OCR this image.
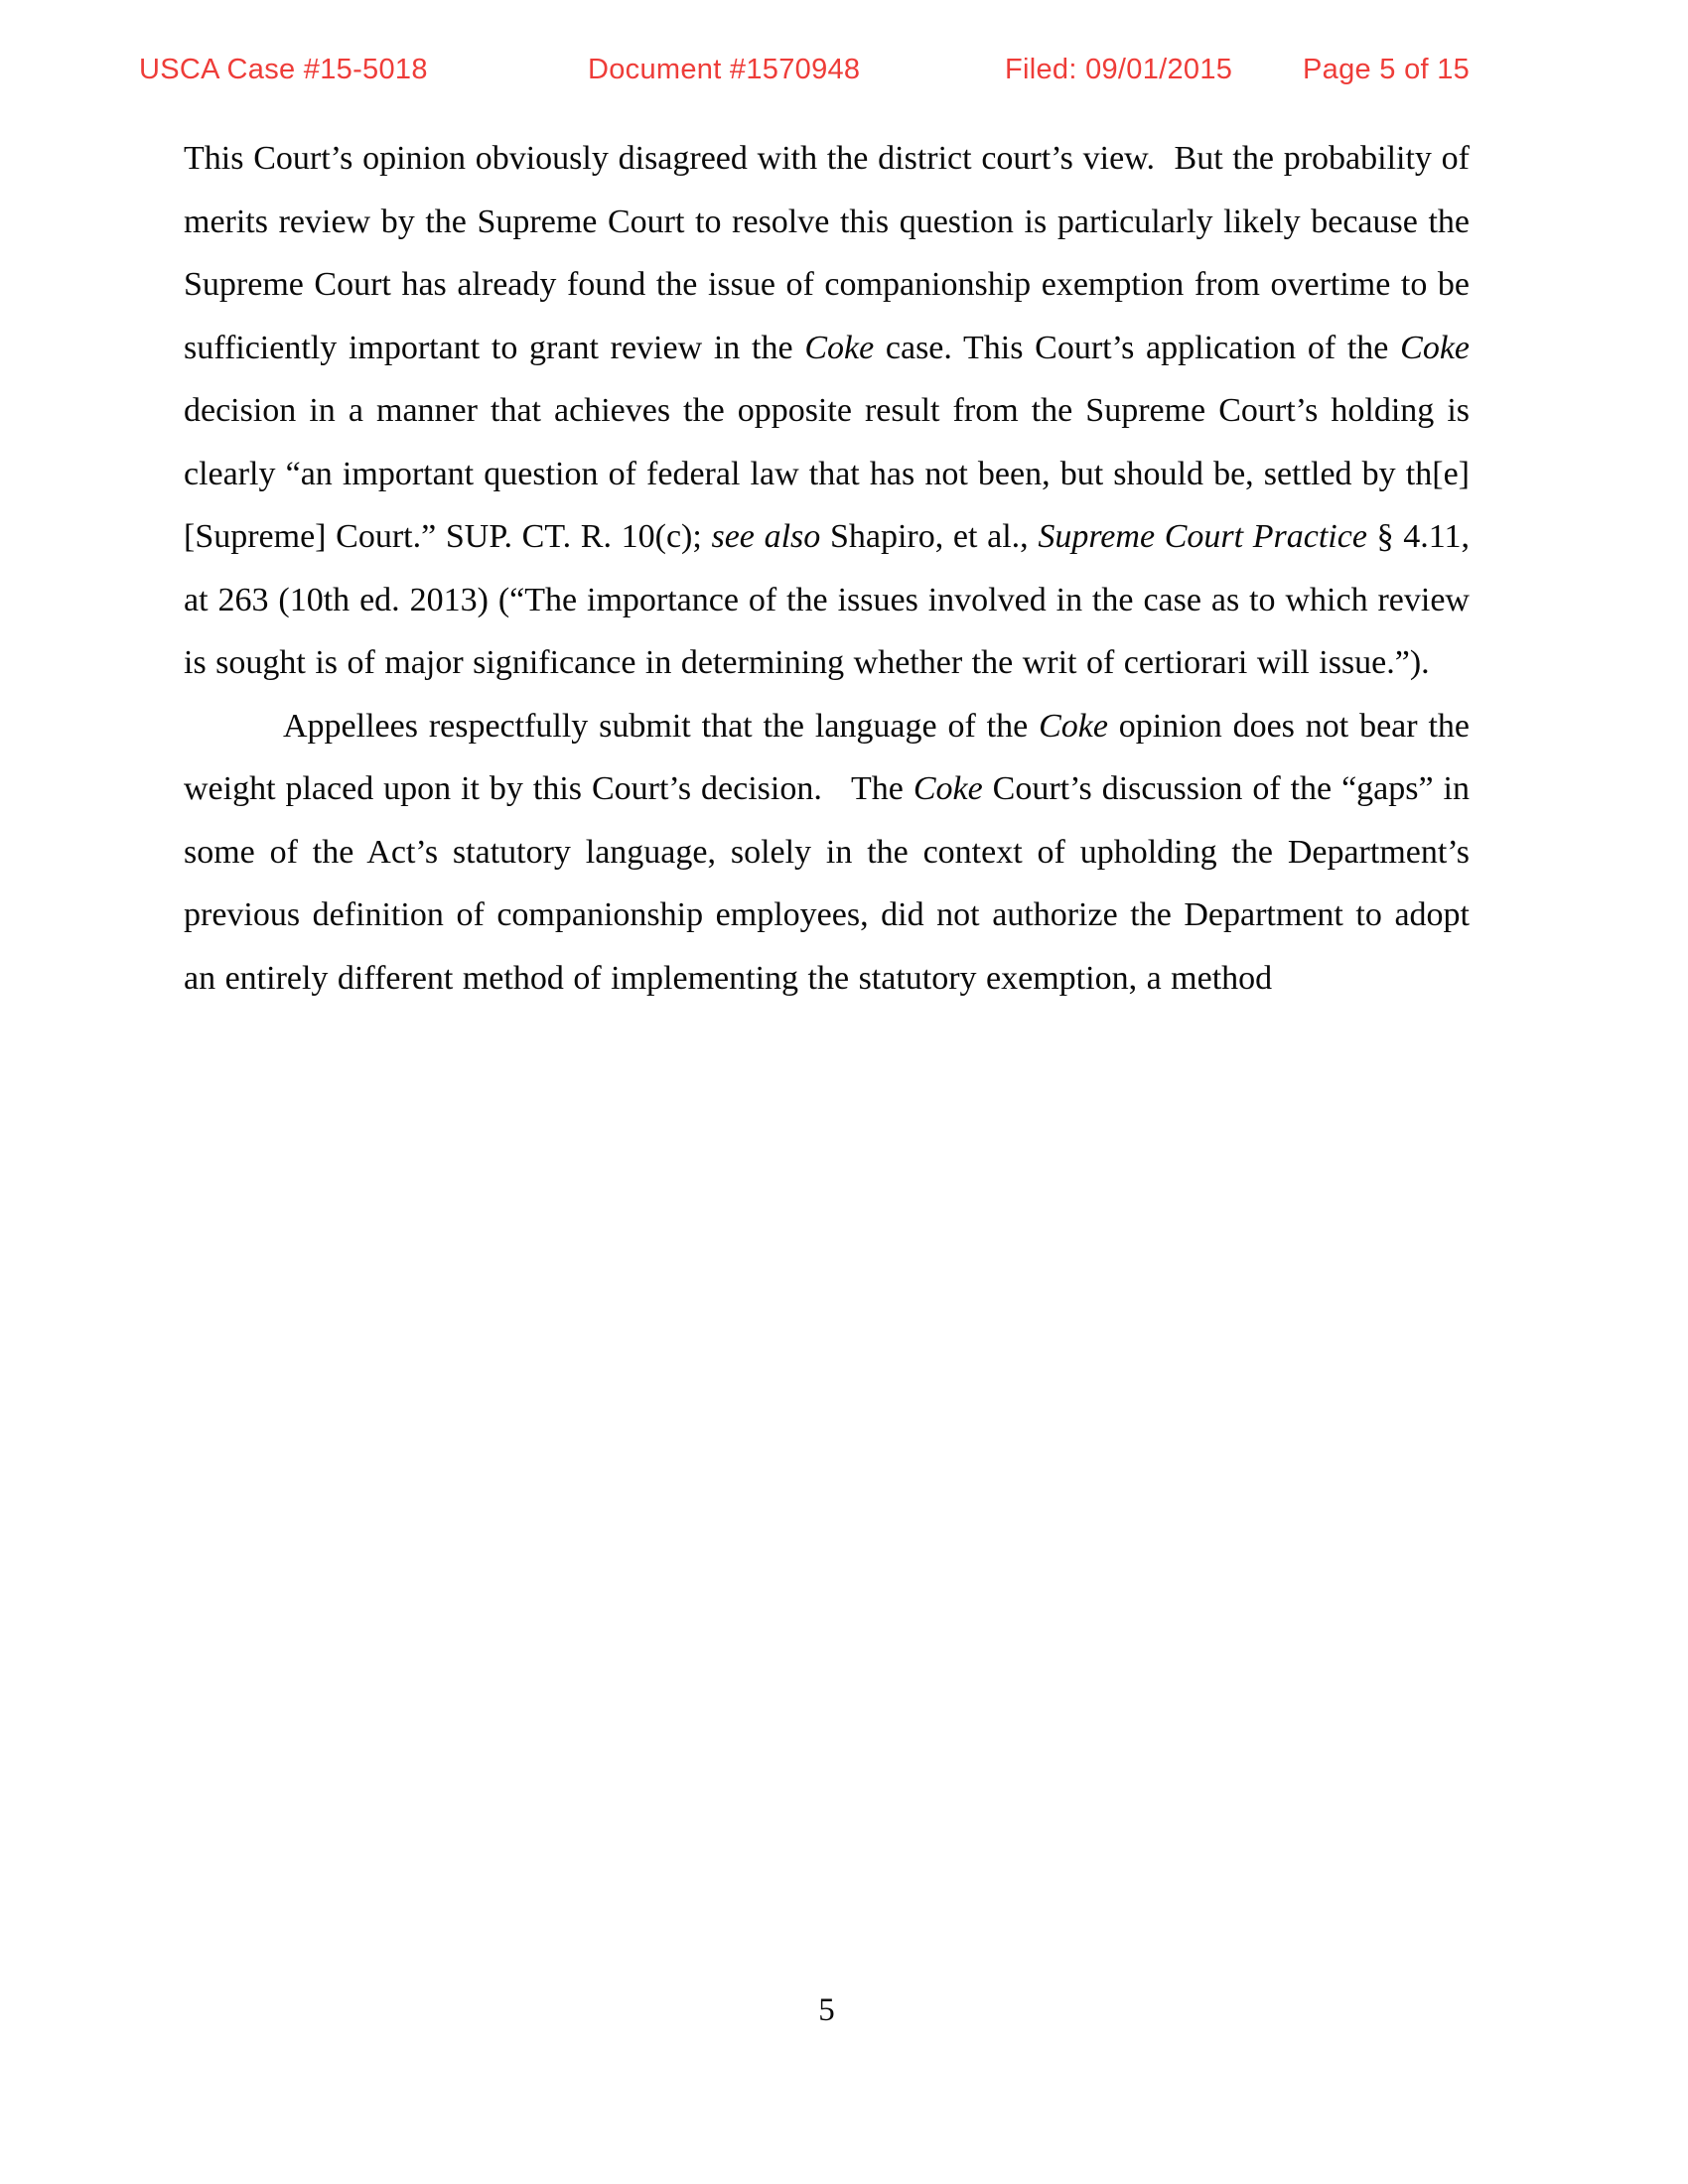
USCA Case #15-5018	Document #1570948	Filed: 09/01/2015 Page 5 of 15

This Court’s opinion obviously disagreed with the district court’s view.  But the probability of merits review by the Supreme Court to resolve this question is particularly likely because the Supreme Court has already found the issue of companionship exemption from overtime to be sufficiently important to grant review in the Coke case. This Court’s application of the Coke decision in a manner that achieves the opposite result from the Supreme Court’s holding is clearly “an important question of federal law that has not been, but should be, settled by th[e] [Supreme] Court.” SUP. CT. R. 10(c); see also Shapiro, et al., Supreme Court Practice § 4.11, at 263 (10th ed. 2013) (“The importance of the issues involved in the case as to which review is sought is of major significance in determining whether the writ of certiorari will issue.”).

Appellees respectfully submit that the language of the Coke opinion does not bear the weight placed upon it by this Court’s decision.   The Coke Court’s discussion of the “gaps” in some of the Act’s statutory language, solely in the context of upholding the Department’s previous definition of companionship employees, did not authorize the Department to adopt an entirely different method of implementing the statutory exemption, a method

5
